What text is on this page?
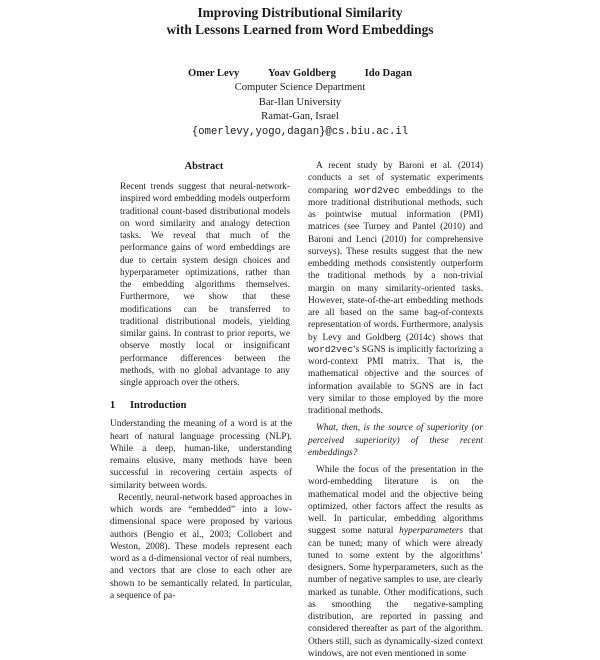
Improving Distributional Similarity
with Lessons Learned from Word Embeddings
Omer Levy	Yoav Goldberg	Ido Dagan
Computer Science Department
Bar-Ilan University
Ramat-Gan, Israel
{omerlevy,yogo,dagan}@cs.biu.ac.il
Abstract

Recent trends suggest that neural-network-inspired word embedding models outperform traditional count-based distributional models on word similarity and analogy detection tasks. We reveal that much of the performance gains of word embeddings are due to certain system design choices and hyperparameter optimizations, rather than the embedding algorithms themselves. Furthermore, we show that these modifications can be transferred to traditional distributional models, yielding similar gains. In contrast to prior reports, we observe mostly local or insignificant performance differences between the methods, with no global advantage to any single approach over the others.

1 Introduction

Understanding the meaning of a word is at the heart of natural language processing (NLP). While a deep, human-like, understanding remains elusive, many methods have been successful in recovering certain aspects of similarity between words.

Recently, neural-network based approaches in which words are “embedded” into a low-dimensional space were proposed by various authors (Bengio et al., 2003; Collobert and Weston, 2008). These models represent each word as a d-dimensional vector of real numbers, and vectors that are close to each other are shown to be semantically related. In particular, a sequence of pa-

A recent study by Baroni et al. (2014) conducts a set of systematic experiments comparing word2vec embeddings to the more traditional distributional methods, such as pointwise mutual information (PMI) matrices (see Turney and Pantel (2010) and Baroni and Lenci (2010) for comprehensive surveys). These results suggest that the new embedding methods consistently outperform the traditional methods by a non-trivial margin on many similarity-oriented tasks. However, state-of-the-art embedding methods are all based on the same bag-of-contexts representation of words. Furthermore, analysis by Levy and Goldberg (2014c) shows that word2vec’s SGNS is implicitly factorizing a word-context PMI matrix. That is, the mathematical objective and the sources of information available to SGNS are in fact very similar to those employed by the more traditional methods.

What, then, is the source of superiority (or perceived superiority) of these recent embeddings?

While the focus of the presentation in the word-embedding literature is on the mathematical model and the objective being optimized, other factors affect the results as well. In particular, embedding algorithms suggest some natural hyperparameters that can be tuned; many of which were already tuned to some extent by the algorithms’ designers. Some hyperparameters, such as the number of negative samples to use, are clearly marked as tunable. Other modifications, such as smoothing the negative-sampling distribution, are reported in passing and considered thereafter as part of the algorithm. Others still, such as dynamically-sized context windows, are not even mentioned in some
